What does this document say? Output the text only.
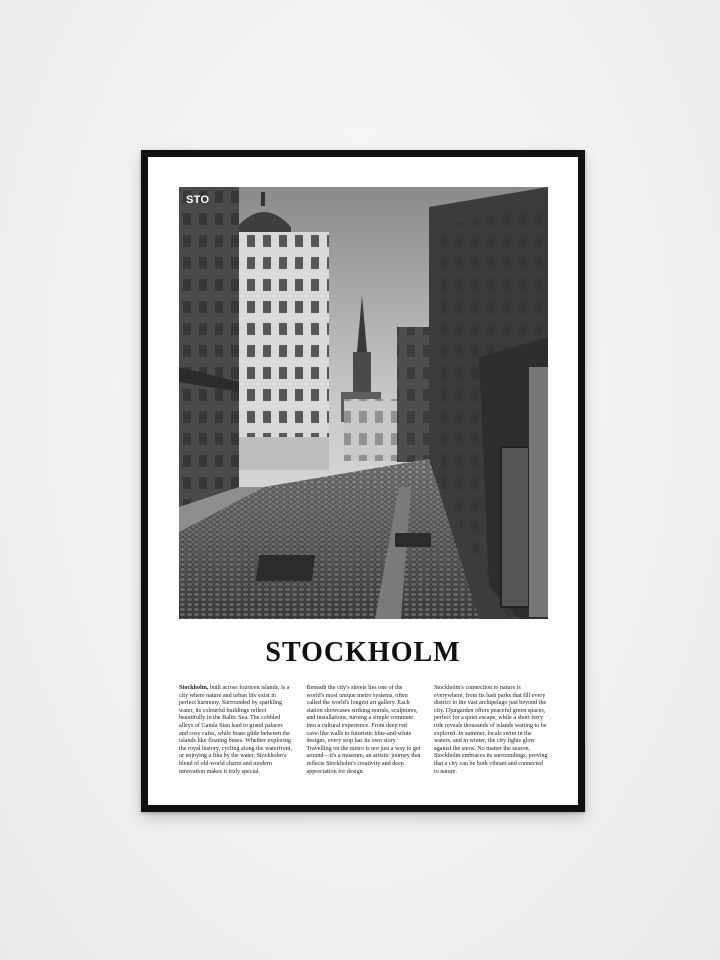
STO
STOCKHOLM
Stockholm, built across fourteen islands, is a city where nature and urban life exist in perfect harmony. Surrounded by sparkling water, its colourful buildings reflect beautifully in the Baltic Sea. The cobbled alleys of Gamla Stan lead to grand palaces and cosy cafes, while boats glide between the islands like floating buses. Whether exploring the royal history, cycling along the waterfront, or enjoying a fika by the water, Stockholm's blend of old-world charm and modern innovation makes it truly special.
Beneath the city's streets lies one of the world's most unique metro systems, often called the world's longest art gallery. Each station showcases striking murals, sculptures, and installations, turning a simple commute into a cultural experience. From deep red cave-like walls to futuristic blue-and-white designs, every stop has its own story. Travelling on the metro is not just a way to get around—it's a museum, an artistic journey that reflects Stockholm's creativity and deep appreciation for design.
Stockholm's connection to nature is everywhere, from its lush parks that fill every district to the vast archipelago just beyond the city. Djurgarden offers peaceful green spaces, perfect for a quiet escape, while a short ferry ride reveals thousands of islands waiting to be explored. In summer, locals swim in the waters, and in winter, the city lights glow against the snow. No matter the season, Stockholm embraces its surroundings, proving that a city can be both vibrant and connected to nature.
